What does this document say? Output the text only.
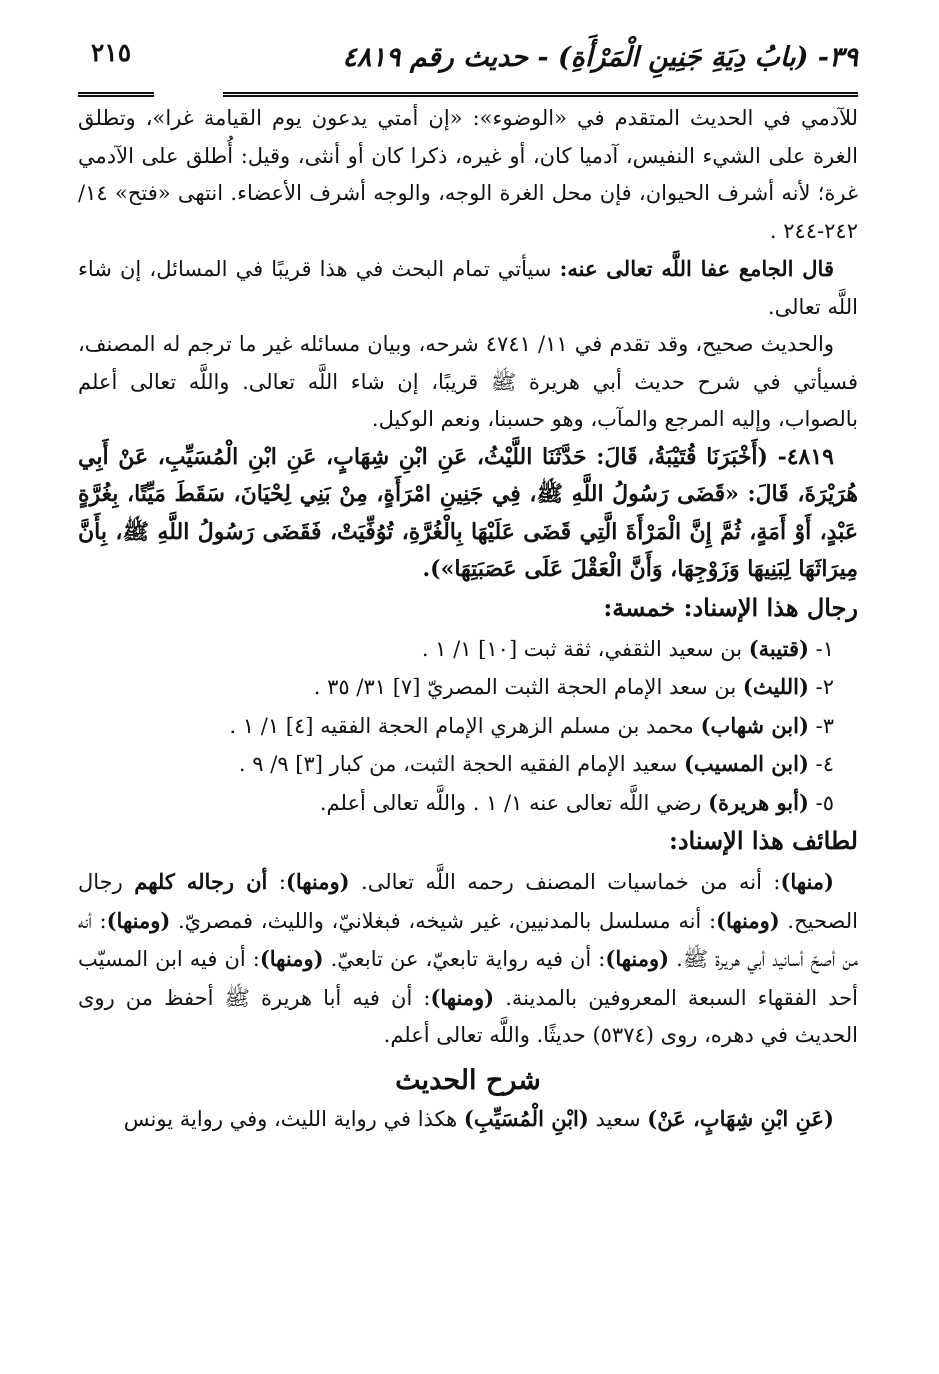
٣٩- (بابُ دِيَةِ جَنِينِ الْمَرْأَةِ) - حديث رقم ٤٨١٩

للآدمي في الحديث المتقدم في «الوضوء»: «إن أمتي يدعون يوم القيامة غرا»، وتطلق الغرة على الشيء النفيس، آدميا كان، أو غيره، ذكرا كان أو أنثى، وقيل: أُطلق على الآدمي غرة؛ لأنه أشرف الحيوان، فإن محل الغرة الوجه، والوجه أشرف الأعضاء. انتهى «فتح» ١٤/ ٢٤٢-٢٤٤ .

قال الجامع عفا اللَّه تعالى عنه: سيأتي تمام البحث في هذا قريبًا في المسائل، إن شاء اللَّه تعالى.

والحديث صحيح، وقد تقدم في ١١/ ٤٧٤١ شرحه، وبيان مسائله غير ما ترجم له المصنف، فسيأتي في شرح حديث أبي هريرة ﷺ قريبًا، إن شاء اللَّه تعالى. واللَّه تعالى أعلم بالصواب، وإليه المرجع والمآب، وهو حسبنا، ونعم الوكيل.

٤٨١٩- (أَخْبَرَنَا قُتَيْبَةُ، قَالَ: حَدَّثَنَا اللَّيْثُ، عَنِ ابْنِ شِهَابٍ، عَنِ ابْنِ الْمُسَيِّبِ، عَنْ أَبِي هُرَيْرَةَ، قَالَ: «قَضَى رَسُولُ اللَّهِ ﷺ، فِي جَنِينِ امْرَأَةٍ، مِنْ بَنِي لِحْيَانَ، سَقَطَ مَيِّتًا، بِغُرَّةٍ عَبْدٍ، أَوْ أَمَةٍ، ثُمَّ إِنَّ الْمَرْأَةَ الَّتِي قَضَى عَلَيْهَا بِالْغُرَّةِ، تُوُفِّيَتْ، فَقَضَى رَسُولُ اللَّهِ ﷺ، بِأَنَّ مِيرَاثَهَا لِبَنِيهَا وَزَوْجِهَا، وَأَنَّ الْعَقْلَ عَلَى عَصَبَتِهَا»).

رجال هذا الإسناد: خمسة:

١- (قتيبة) بن سعيد الثقفي، ثقة ثبت [١٠] ١/ ١ .

٢- (الليث) بن سعد الإمام الحجة الثبت المصريّ [٧] ٣١/ ٣٥ .

٣- (ابن شهاب) محمد بن مسلم الزهري الإمام الحجة الفقيه [٤] ١/ ١ .

٤- (ابن المسيب) سعيد الإمام الفقيه الحجة الثبت، من كبار [٣] ٩/ ٩ .

٥- (أبو هريرة) رضي اللَّه تعالى عنه ١/ ١ . واللَّه تعالى أعلم.

لطائف هذا الإسناد:

(منها): أنه من خماسيات المصنف رحمه اللَّه تعالى. (ومنها): أن رجاله كلهم رجال الصحيح. (ومنها): أنه مسلسل بالمدنيين، غير شيخه، فبغلانيّ، والليث، فمصريّ. (ومنها): أنه من أصحّ أسانيد أبي هريرة ﷺ. (ومنها): أن فيه رواية تابعيّ، عن تابعيّ. (ومنها): أن فيه ابن المسيّب أحد الفقهاء السبعة المعروفين بالمدينة. (ومنها): أن فيه أبا هريرة ﷺ أحفظ من روى الحديث في دهره، روى (٥٣٧٤) حديثًا. واللَّه تعالى أعلم.

شرح الحديث

(عَنِ ابْنِ شِهَابٍ، عَنْ) سعيد (ابْنِ الْمُسَيِّبِ) هكذا في رواية الليث، وفي رواية يونس

٢١٥
